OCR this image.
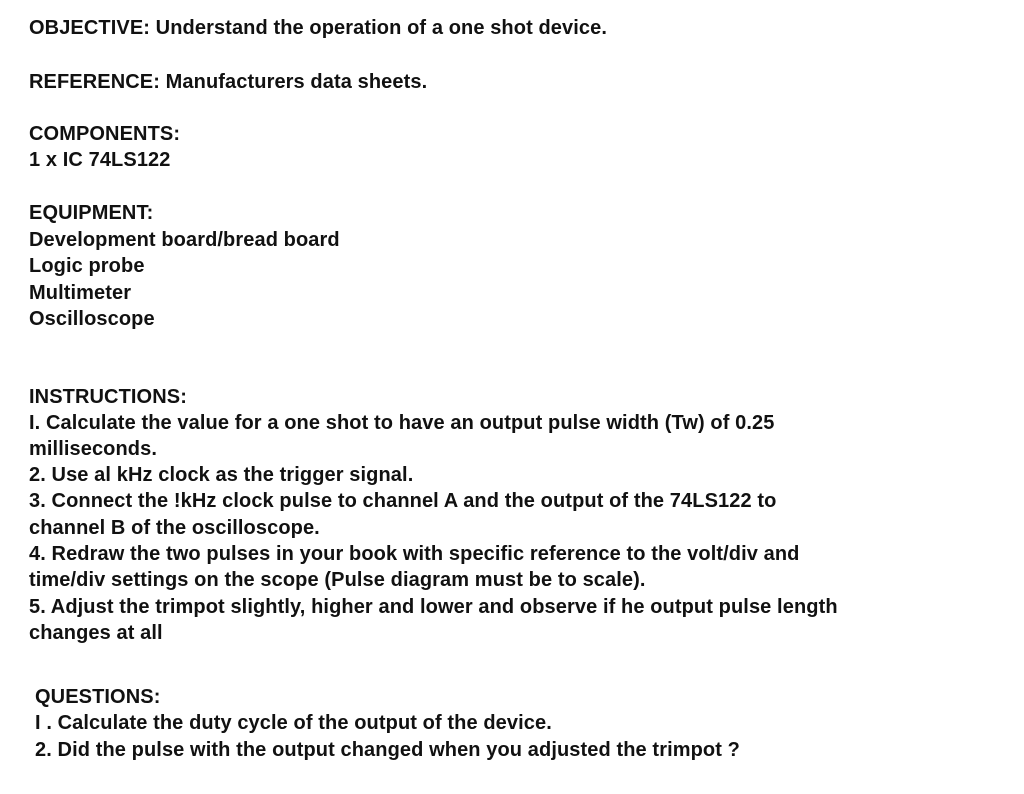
OBJECTIVE: Understand the operation of a one shot device.
REFERENCE: Manufacturers data sheets.
COMPONENTS:
1 x IC 74LS122
EQUIPMENT:
Development board/bread board
Logic probe
Multimeter
Oscilloscope
INSTRUCTIONS:
I. Calculate the value for a one shot to have an output pulse width (Tw) of 0.25
milliseconds.
2. Use al kHz clock as the trigger signal.
3. Connect the !kHz clock pulse to channel A and the output of the 74LS122 to
channel B of the oscilloscope.
4. Redraw the two pulses in your book with specific reference to the volt/div and
time/div settings on the scope (Pulse diagram must be to scale).
5. Adjust the trimpot slightly, higher and lower and observe if he output pulse length
changes at all
QUESTIONS:
I . Calculate the duty cycle of the output of the device.
2. Did the pulse with the output changed when you adjusted the trimpot ?
